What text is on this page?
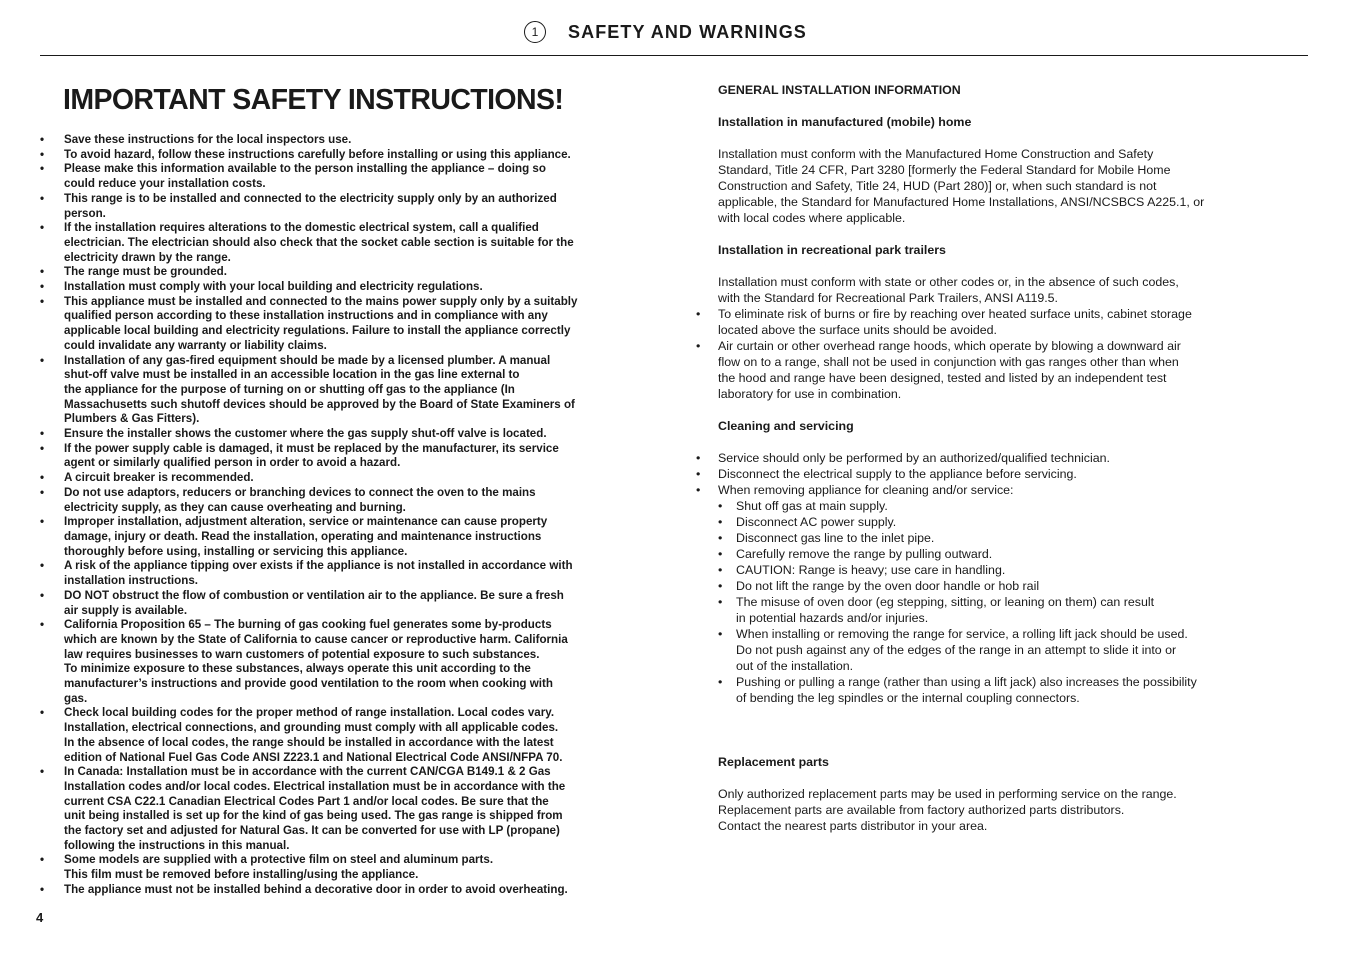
1	SAFETY AND WARNINGS
IMPORTANT SAFETY INSTRUCTIONS!
• Save these instructions for the local inspectors use.
• To avoid hazard, follow these instructions carefully before installing or using this appliance.
• Please make this information available to the person installing the appliance – doing so
could reduce your installation costs.
• This range is to be installed and connected to the electricity supply only by an authorized
person.
• If the installation requires alterations to the domestic electrical system, call a qualified
electrician. The electrician should also check that the socket cable section is suitable for the
electricity drawn by the range.
• The range must be grounded.
• Installation must comply with your local building and electricity regulations.
• This appliance must be installed and connected to the mains power supply only by a suitably
qualified person according to these installation instructions and in compliance with any
applicable local building and electricity regulations. Failure to install the appliance correctly
could invalidate any warranty or liability claims.
• Installation of any gas-fired equipment should be made by a licensed plumber. A manual
shut-off valve must be installed in an accessible location in the gas line external to
the appliance for the purpose of turning on or shutting off gas to the appliance (In
Massachusetts such shutoff devices should be approved by the Board of State Examiners of
Plumbers & Gas Fitters).
• Ensure the installer shows the customer where the gas supply shut-off valve is located.
• If the power supply cable is damaged, it must be replaced by the manufacturer, its service
agent or similarly qualified person in order to avoid a hazard.
• A circuit breaker is recommended.
• Do not use adaptors, reducers or branching devices to connect the oven to the mains
electricity supply, as they can cause overheating and burning.
• Improper installation, adjustment alteration, service or maintenance can cause property
damage, injury or death. Read the installation, operating and maintenance instructions
thoroughly before using, installing or servicing this appliance.
• A risk of the appliance tipping over exists if the appliance is not installed in accordance with
installation instructions.
• DO NOT obstruct the flow of combustion or ventilation air to the appliance. Be sure a fresh
air supply is available.
• California Proposition 65 – The burning of gas cooking fuel generates some by-products
which are known by the State of California to cause cancer or reproductive harm. California
law requires businesses to warn customers of potential exposure to such substances.
To minimize exposure to these substances, always operate this unit according to the
manufacturer’s instructions and provide good ventilation to the room when cooking with
gas.
• Check local building codes for the proper method of range installation. Local codes vary.
Installation, electrical connections, and grounding must comply with all applicable codes.
In the absence of local codes, the range should be installed in accordance with the latest
edition of National Fuel Gas Code ANSI Z223.1 and National Electrical Code ANSI/NFPA 70.
• In Canada: Installation must be in accordance with the current CAN/CGA B149.1 & 2 Gas
Installation codes and/or local codes. Electrical installation must be in accordance with the
current CSA C22.1 Canadian Electrical Codes Part 1 and/or local codes. Be sure that the
unit being installed is set up for the kind of gas being used. The gas range is shipped from
the factory set and adjusted for Natural Gas. It can be converted for use with LP (propane)
following the instructions in this manual.
• Some models are supplied with a protective film on steel and aluminum parts.
This film must be removed before installing/using the appliance.
• The appliance must not be installed behind a decorative door in order to avoid overheating.
GENERAL INSTALLATION INFORMATION
Installation in manufactured (mobile) home

Installation must conform with the Manufactured Home Construction and Safety
Standard, Title 24 CFR, Part 3280 [formerly the Federal Standard for Mobile Home
Construction and Safety, Title 24, HUD (Part 280)] or, when such standard is not
applicable, the Standard for Manufactured Home Installations, ANSI/NCSBCS A225.1, or
with local codes where applicable.

Installation in recreational park trailers

Installation must conform with state or other codes or, in the absence of such codes,
with the Standard for Recreational Park Trailers, ANSI A119.5.

• To eliminate risk of burns or fire by reaching over heated surface units, cabinet storage
located above the surface units should be avoided.

• Air curtain or other overhead range hoods, which operate by blowing a downward air
flow on to a range, shall not be used in conjunction with gas ranges other than when
the hood and range have been designed, tested and listed by an independent test
laboratory for use in combination.

Cleaning and servicing
• Service should only be performed by an authorized/qualified technician.
• Disconnect the electrical supply to the appliance before servicing.
• When removing appliance for cleaning and/or service:

• Shut off gas at main supply.

• Disconnect AC power supply.

• Disconnect gas line to the inlet pipe.

• Carefully remove the range by pulling outward.

• CAUTION: Range is heavy; use care in handling.

• Do not lift the range by the oven door handle or hob rail

• The misuse of oven door (eg stepping, sitting, or leaning on them) can result
in potential hazards and/or injuries.

• When installing or removing the range for service, a rolling lift jack should be used.
Do not push against any of the edges of the range in an attempt to slide it into or
out of the installation.

• Pushing or pulling a range (rather than using a lift jack) also increases the possibility
of bending the leg spindles or the internal coupling connectors.

Replacement parts

Only authorized replacement parts may be used in performing service on the range.
Replacement parts are available from factory authorized parts distributors.
Contact the nearest parts distributor in your area.

4
